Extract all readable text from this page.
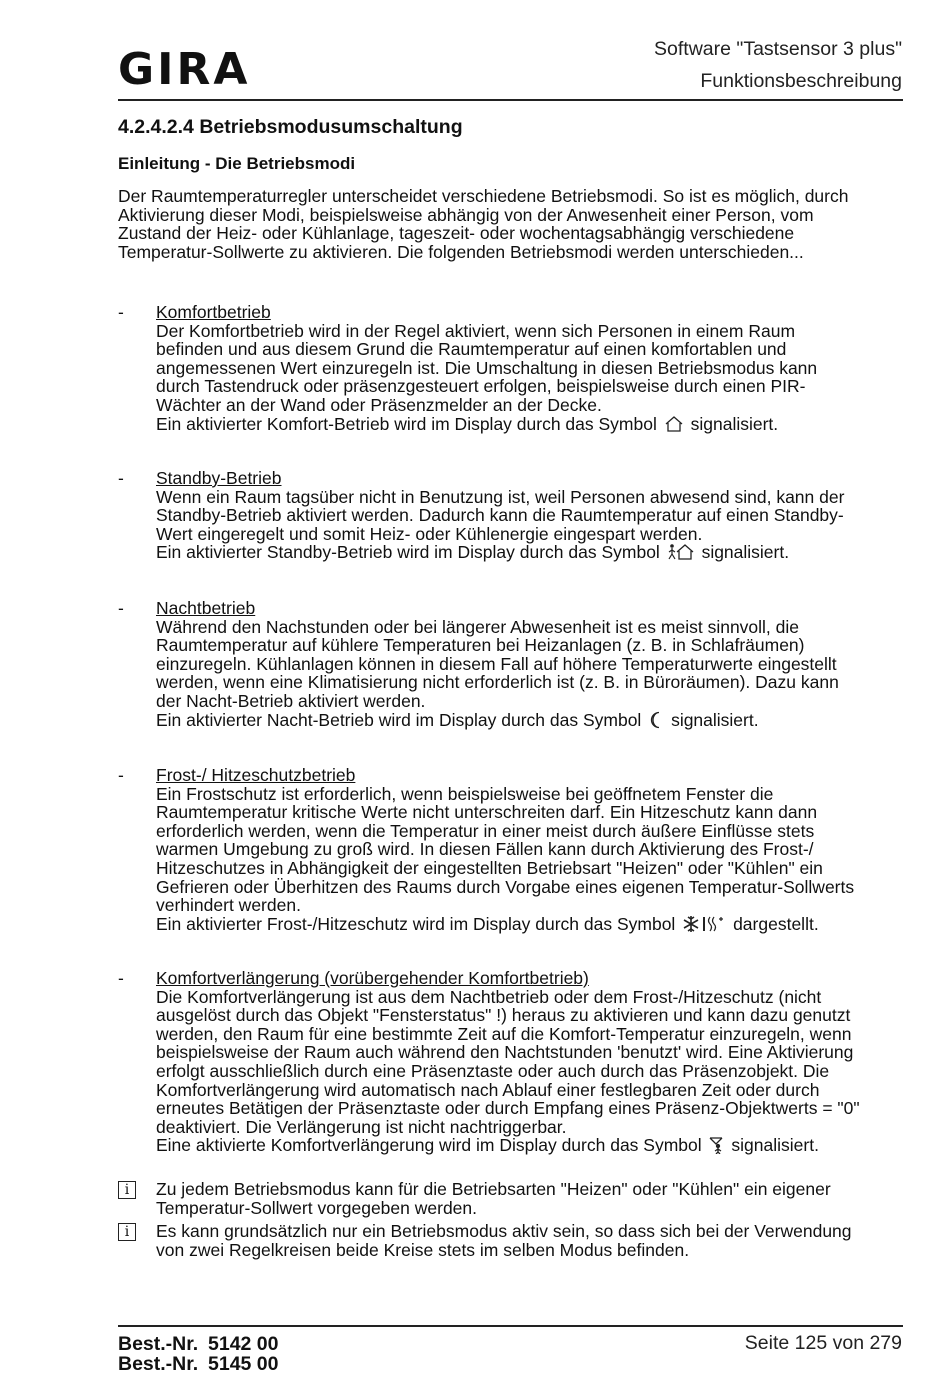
GIRA	Software "Tastsensor 3 plus"
Funktionsbeschreibung
4.2.4.2.4 Betriebsmodusumschaltung
Einleitung - Die Betriebsmodi
Der Raumtemperaturregler unterscheidet verschiedene Betriebsmodi. So ist es möglich, durch
Aktivierung dieser Modi, beispielsweise abhängig von der Anwesenheit einer Person, vom
Zustand der Heiz- oder Kühlanlage, tageszeit- oder wochentagsabhängig verschiedene
Temperatur-Sollwerte zu aktivieren. Die folgenden Betriebsmodi werden unterschieden...
- Komfortbetrieb
Der Komfortbetrieb wird in der Regel aktiviert, wenn sich Personen in einem Raum
befinden und aus diesem Grund die Raumtemperatur auf einen komfortablen und
angemessenen Wert einzuregeln ist. Die Umschaltung in diesen Betriebsmodus kann
durch Tastendruck oder präsenzgesteuert erfolgen, beispielsweise durch einen PIR-
Wächter an der Wand oder Präsenzmelder an der Decke.
Ein aktivierter Komfort-Betrieb wird im Display durch das Symbol signalisiert.
- Standby-Betrieb
Wenn ein Raum tagsüber nicht in Benutzung ist, weil Personen abwesend sind, kann der
Standby-Betrieb aktiviert werden. Dadurch kann die Raumtemperatur auf einen Standby-
Wert eingeregelt und somit Heiz- oder Kühlenergie eingespart werden.
Ein aktivierter Standby-Betrieb wird im Display durch das Symbol signalisiert.
- Nachtbetrieb
Während den Nachstunden oder bei längerer Abwesenheit ist es meist sinnvoll, die
Raumtemperatur auf kühlere Temperaturen bei Heizanlagen (z. B. in Schlafräumen)
einzuregeln. Kühlanlagen können in diesem Fall auf höhere Temperaturwerte eingestellt
werden, wenn eine Klimatisierung nicht erforderlich ist (z. B. in Büroräumen). Dazu kann
der Nacht-Betrieb aktiviert werden.
Ein aktivierter Nacht-Betrieb wird im Display durch das Symbol signalisiert.
- Frost-/ Hitzeschutzbetrieb
Ein Frostschutz ist erforderlich, wenn beispielsweise bei geöffnetem Fenster die
Raumtemperatur kritische Werte nicht unterschreiten darf. Ein Hitzeschutz kann dann
erforderlich werden, wenn die Temperatur in einer meist durch äußere Einflüsse stets
warmen Umgebung zu groß wird. In diesen Fällen kann durch Aktivierung des Frost-/
Hitzeschutzes in Abhängigkeit der eingestellten Betriebsart "Heizen" oder "Kühlen" ein
Gefrieren oder Überhitzen des Raums durch Vorgabe eines eigenen Temperatur-Sollwerts
verhindert werden.
Ein aktivierter Frost-/Hitzeschutz wird im Display durch das Symbol	dargestellt.
- Komfortverlängerung (vorübergehender Komfortbetrieb)
Die Komfortverlängerung ist aus dem Nachtbetrieb oder dem Frost-/Hitzeschutz (nicht
ausgelöst durch das Objekt "Fensterstatus" !) heraus zu aktivieren und kann dazu genutzt
werden, den Raum für eine bestimmte Zeit auf die Komfort-Temperatur einzuregeln, wenn
beispielsweise der Raum auch während den Nachtstunden 'benutzt' wird. Eine Aktivierung
erfolgt ausschließlich durch eine Präsenztaste oder auch durch das Präsenzobjekt. Die
Komfortverlängerung wird automatisch nach Ablauf einer festlegbaren Zeit oder durch
erneutes Betätigen der Präsenztaste oder durch Empfang eines Präsenz-Objektwerts = "0"
deaktiviert. Die Verlängerung ist nicht nachtriggerbar.
Eine aktivierte Komfortverlängerung wird im Display durch das Symbol signalisiert.
i	Zu jedem Betriebsmodus kann für die Betriebsarten "Heizen" oder "Kühlen" ein eigener
Temperatur-Sollwert vorgegeben werden.
i	Es kann grundsätzlich nur ein Betriebsmodus aktiv sein, so dass sich bei der Verwendung
von zwei Regelkreisen beide Kreise stets im selben Modus befinden.
Best.-Nr. 5142 00
Best.-Nr. 5145 00
Seite 125 von 279
